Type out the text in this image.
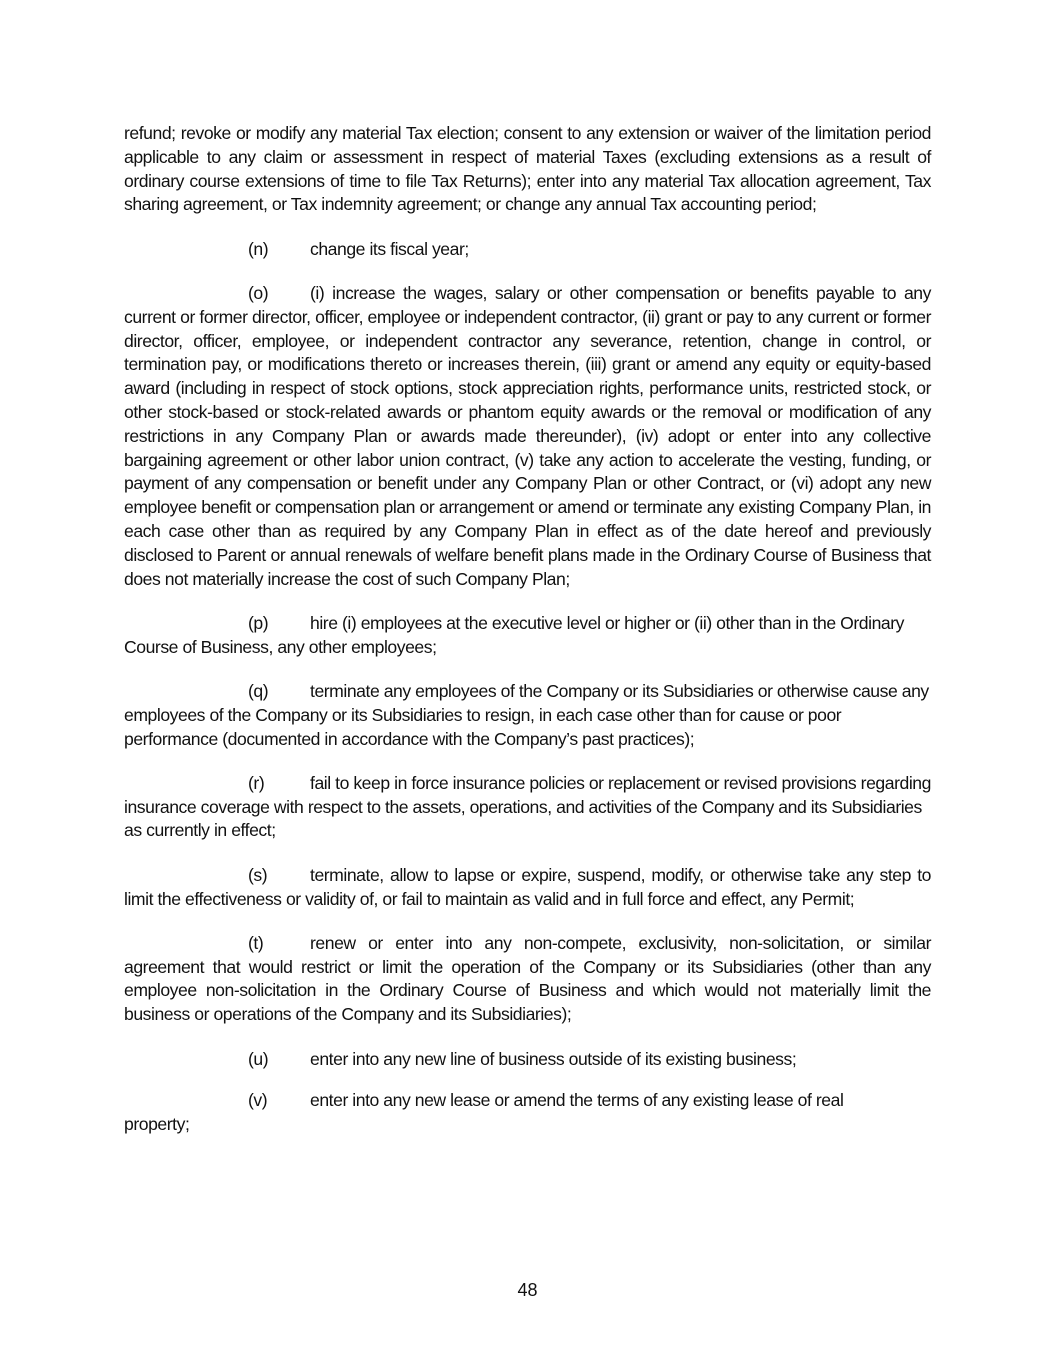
refund; revoke or modify any material Tax election; consent to any extension or waiver of the limitation period applicable to any claim or assessment in respect of material Taxes (excluding extensions as a result of ordinary course extensions of time to file Tax Returns); enter into any material Tax allocation agreement, Tax sharing agreement, or Tax indemnity agreement; or change any annual Tax accounting period;

(n) change its fiscal year;

(o) (i) increase the wages, salary or other compensation or benefits payable to any current or former director, officer, employee or independent contractor, (ii) grant or pay to any current or former director, officer, employee, or independent contractor any severance, retention, change in control, or termination pay, or modifications thereto or increases therein, (iii) grant or amend any equity or equity-based award (including in respect of stock options, stock appreciation rights, performance units, restricted stock, or other stock-based or stock-related awards or phantom equity awards or the removal or modification of any restrictions in any Company Plan or awards made thereunder), (iv) adopt or enter into any collective bargaining agreement or other labor union contract, (v) take any action to accelerate the vesting, funding, or payment of any compensation or benefit under any Company Plan or other Contract, or (vi) adopt any new employee benefit or compensation plan or arrangement or amend or terminate any existing Company Plan, in each case other than as required by any Company Plan in effect as of the date hereof and previously disclosed to Parent or annual renewals of welfare benefit plans made in the Ordinary Course of Business that does not materially increase the cost of such Company Plan;

(p) hire (i) employees at the executive level or higher or (ii) other than in the Ordinary Course of Business, any other employees;

(q) terminate any employees of the Company or its Subsidiaries or otherwise cause any employees of the Company or its Subsidiaries to resign, in each case other than for cause or poor performance (documented in accordance with the Company’s past practices);

(r)	fail to keep in force insurance policies or replacement or revised provisions regarding insurance coverage with respect to the assets, operations, and activities of the Company and its Subsidiaries as currently in effect;

(s) terminate, allow to lapse or expire, suspend, modify, or otherwise take any step to limit the effectiveness or validity of, or fail to maintain as valid and in full force and effect, any Permit;

(t)	renew or enter into any non-compete, exclusivity, non-solicitation, or similar agreement that would restrict or limit the operation of the Company or its Subsidiaries (other than any employee non-solicitation in the Ordinary Course of Business and which would not materially limit the business or operations of the Company and its Subsidiaries);

(u) enter into any new line of business outside of its existing business;

(v) enter into any new lease or amend the terms of any existing lease of real
property;

48
